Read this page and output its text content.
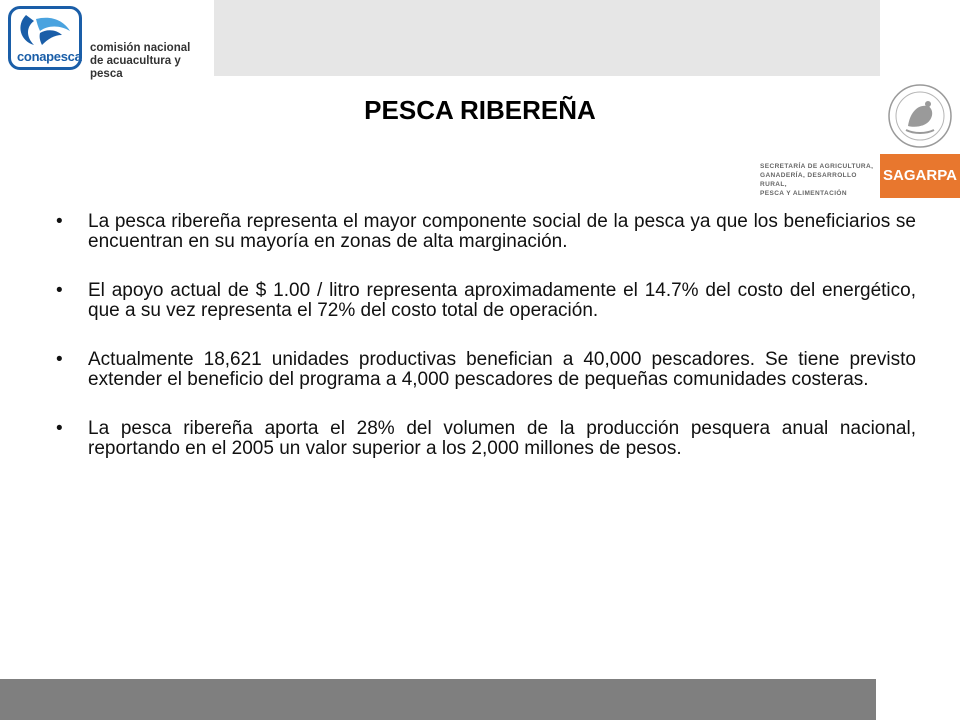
conapesca
comisión nacional
de acuacultura y pesca
SECRETARÍA DE AGRICULTURA,
GANADERÍA, DESARROLLO RURAL,
PESCA Y ALIMENTACIÓN
SAGARPA
PESCA RIBEREÑA
•	La pesca ribereña representa el mayor componente social de la pesca ya que los beneficiarios se encuentran en su mayoría en zonas de alta marginación.
•	El apoyo actual de $ 1.00 / litro representa aproximadamente el 14.7% del costo del energético, que a su vez representa el 72% del costo total de operación.
•	Actualmente 18,621 unidades productivas benefician a 40,000 pescadores. Se tiene previsto extender el beneficio del programa a 4,000 pescadores de pequeñas comunidades costeras.
•	La pesca ribereña aporta el 28% del volumen de la producción pesquera anual nacional, reportando en el 2005 un valor superior a los 2,000 millones de pesos.
